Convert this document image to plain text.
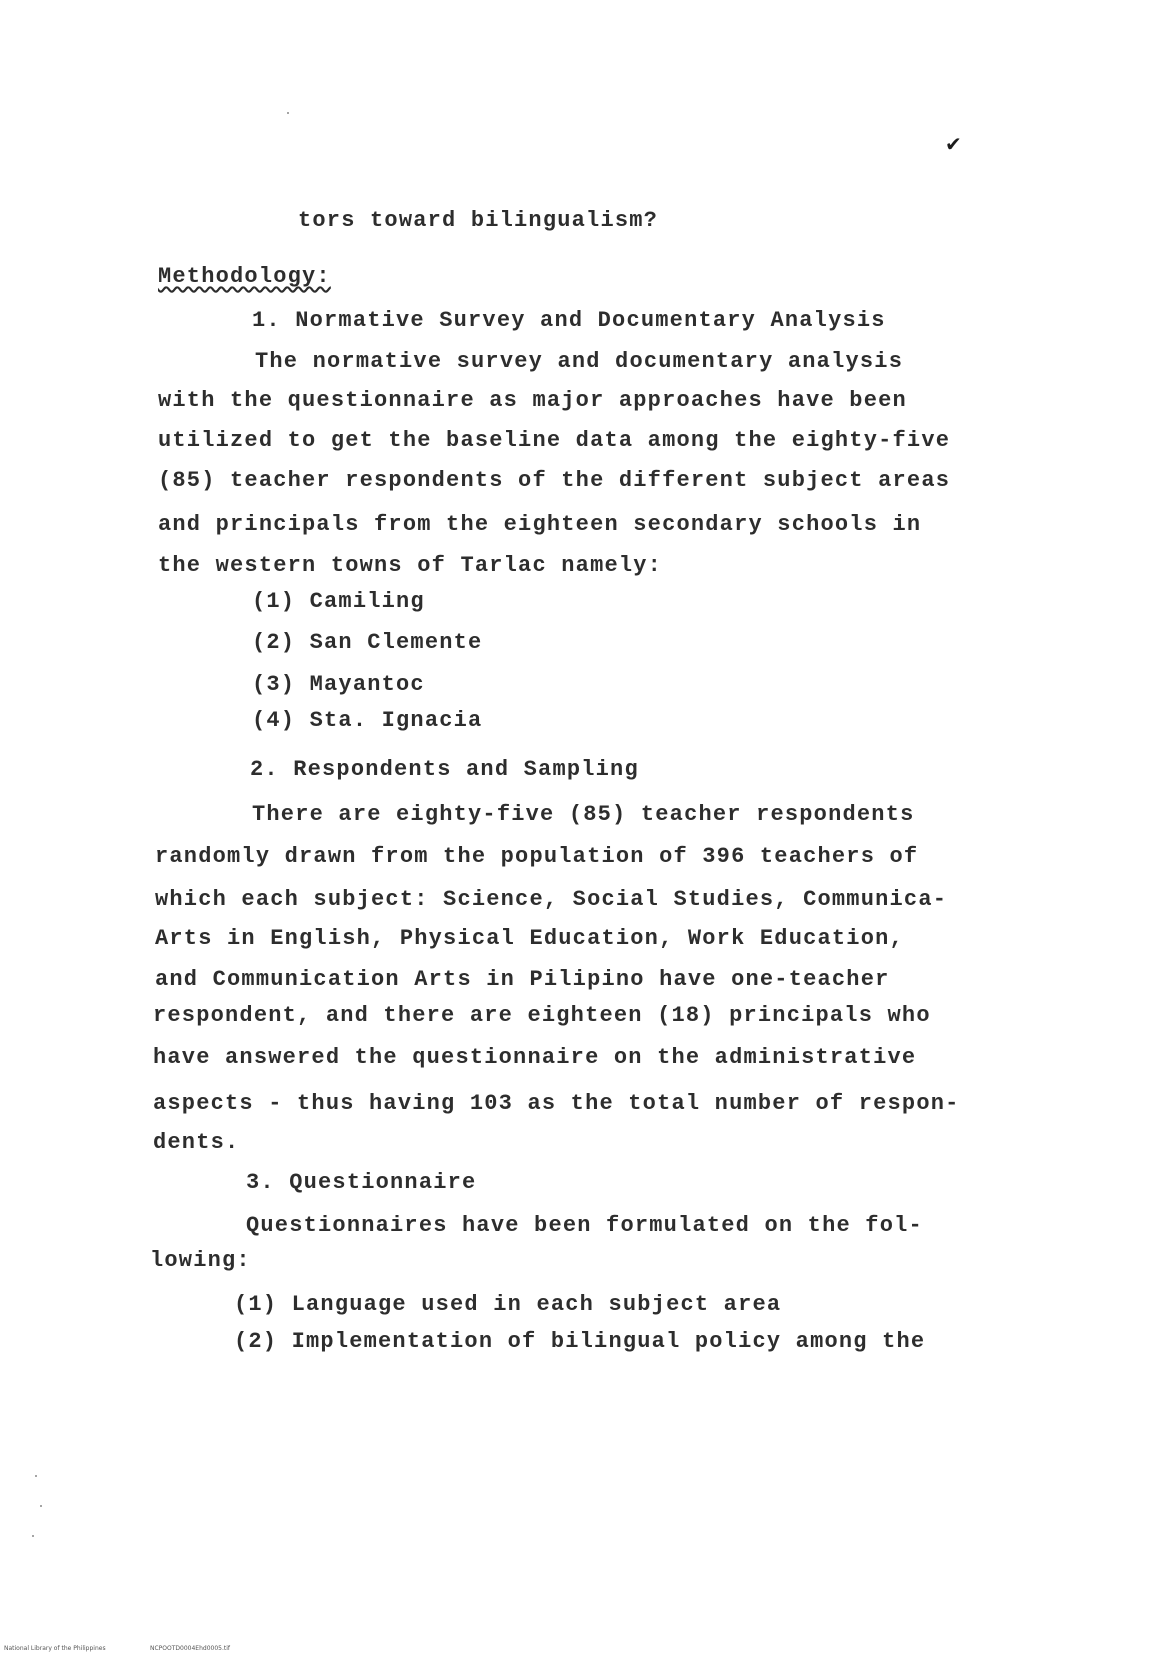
✔
tors toward bilingualism?
Methodology:
1. Normative Survey and Documentary Analysis
The normative survey and documentary analysis
with the questionnaire as major approaches have been
utilized to get the baseline data among the eighty-five
(85) teacher respondents of the different subject areas
and principals from the eighteen secondary schools in
the western towns of Tarlac namely:
(1) Camiling
(2) San Clemente
(3) Mayantoc
(4) Sta. Ignacia
2. Respondents and Sampling
There are eighty-five (85) teacher respondents
randomly drawn from the population of 396 teachers of
which each subject: Science, Social Studies, Communica-
Arts in English, Physical Education, Work Education,
and Communication Arts in Pilipino have one-teacher
respondent, and there are eighteen (18) principals who
have answered the questionnaire on the administrative
aspects - thus having 103 as the total number of respon-
dents.
3. Questionnaire
Questionnaires have been formulated on the fol-
lowing:
(1) Language used in each subject area
(2) Implementation of bilingual policy among the
National Library of the Philippines	NCPOOTD0004Ehd0005.tif
